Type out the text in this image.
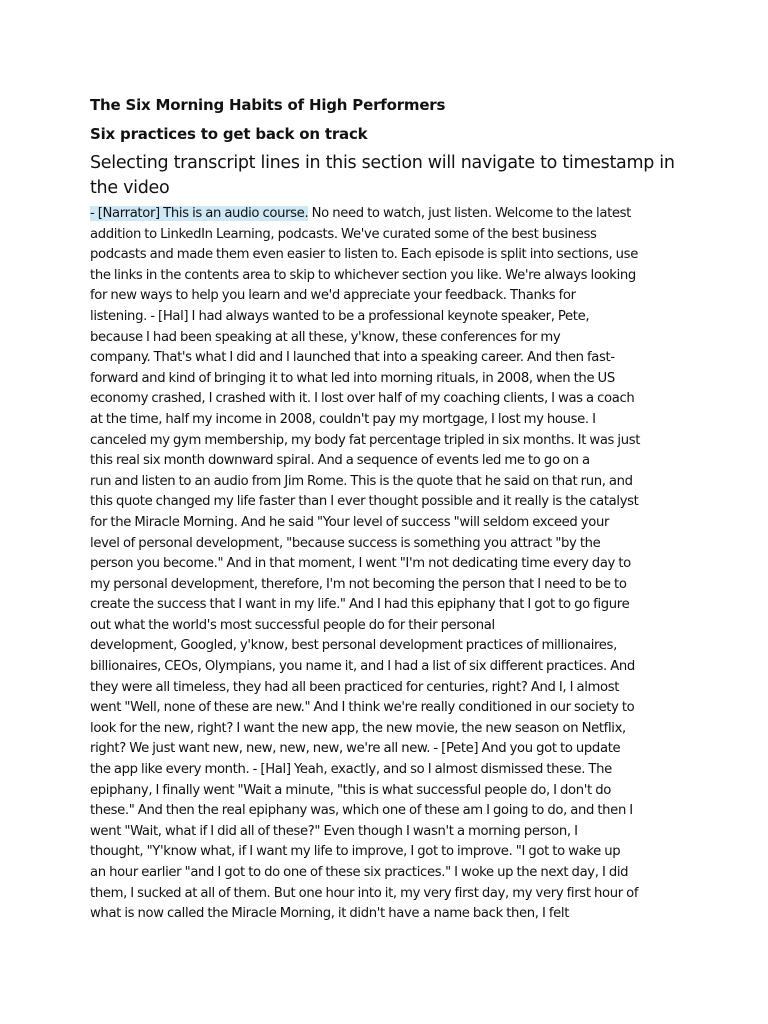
The Six Morning Habits of High Performers
Six practices to get back on track
Selecting transcript lines in this section will navigate to timestamp in the video
- [Narrator] This is an audio course. No need to watch, just listen. Welcome to the latest
addition to LinkedIn Learning, podcasts. We've curated some of the best business
podcasts and made them even easier to listen to. Each episode is split into sections, use
the links in the contents area to skip to whichever section you like. We're always looking
for new ways to help you learn and we'd appreciate your feedback. Thanks for
listening. - [Hal] I had always wanted to be a professional keynote speaker, Pete,
because I had been speaking at all these, y'know, these conferences for my
company. That's what I did and I launched that into a speaking career. And then fast-
forward and kind of bringing it to what led into morning rituals, in 2008, when the US
economy crashed, I crashed with it. I lost over half of my coaching clients, I was a coach
at the time, half my income in 2008, couldn't pay my mortgage, I lost my house. I
canceled my gym membership, my body fat percentage tripled in six months. It was just
this real six month downward spiral. And a sequence of events led me to go on a
run and listen to an audio from Jim Rome. This is the quote that he said on that run, and
this quote changed my life faster than I ever thought possible and it really is the catalyst
for the Miracle Morning. And he said "Your level of success "will seldom exceed your
level of personal development, "because success is something you attract "by the
person you become." And in that moment, I went "I'm not dedicating time every day to
my personal development, therefore, I'm not becoming the person that I need to be to
create the success that I want in my life." And I had this epiphany that I got to go figure
out what the world's most successful people do for their personal
development, Googled, y'know, best personal development practices of millionaires,
billionaires, CEOs, Olympians, you name it, and I had a list of six different practices. And
they were all timeless, they had all been practiced for centuries, right? And I, I almost
went "Well, none of these are new." And I think we're really conditioned in our society to
look for the new, right? I want the new app, the new movie, the new season on Netflix,
right? We just want new, new, new, new, we're all new. - [Pete] And you got to update
the app like every month. - [Hal] Yeah, exactly, and so I almost dismissed these. The
epiphany, I finally went "Wait a minute, "this is what successful people do, I don't do
these." And then the real epiphany was, which one of these am I going to do, and then I
went "Wait, what if I did all of these?" Even though I wasn't a morning person, I
thought, "Y'know what, if I want my life to improve, I got to improve. "I got to wake up
an hour earlier "and I got to do one of these six practices." I woke up the next day, I did
them, I sucked at all of them. But one hour into it, my very first day, my very first hour of
what is now called the Miracle Morning, it didn't have a name back then, I felt
